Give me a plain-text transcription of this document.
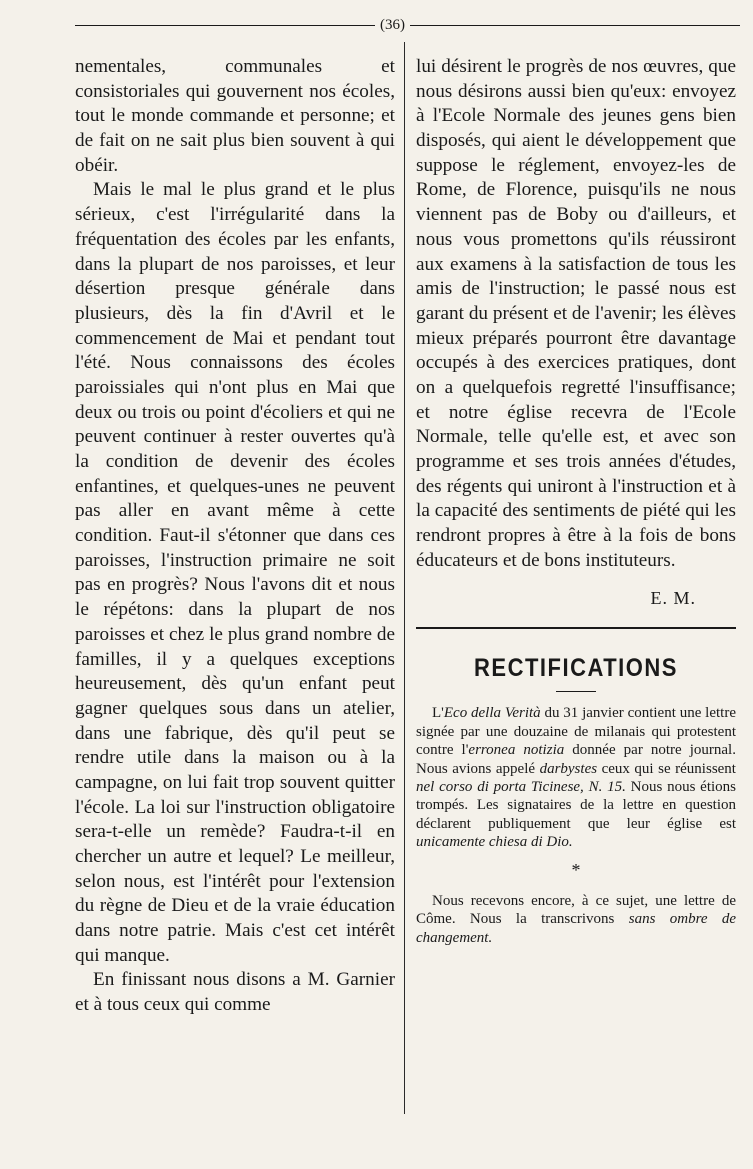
(36)

nementales, communales et consistoriales qui gouvernent nos écoles, tout le monde commande et personne; et de fait on ne sait plus bien souvent à qui obéir.

Mais le mal le plus grand et le plus sérieux, c'est l'irrégularité dans la fréquentation des écoles par les enfants, dans la plupart de nos paroisses, et leur désertion presque générale dans plusieurs, dès la fin d'Avril et le commencement de Mai et pendant tout l'été. Nous connaissons des écoles paroissiales qui n'ont plus en Mai que deux ou trois ou point d'écoliers et qui ne peuvent continuer à rester ouvertes qu'à la condition de devenir des écoles enfantines, et quelques-unes ne peuvent pas aller en avant même à cette condition. Faut-il s'étonner que dans ces paroisses, l'instruction primaire ne soit pas en progrès? Nous l'avons dit et nous le répétons: dans la plupart de nos paroisses et chez le plus grand nombre de familles, il y a quelques exceptions heureusement, dès qu'un enfant peut gagner quelques sous dans un atelier, dans une fabrique, dès qu'il peut se rendre utile dans la maison ou à la campagne, on lui fait trop souvent quitter l'école. La loi sur l'instruction obligatoire sera-t-elle un remède? Faudra-t-il en chercher un autre et lequel? Le meilleur, selon nous, est l'intérêt pour l'extension du règne de Dieu et de la vraie éducation dans notre patrie. Mais c'est cet intérêt qui manque.

En finissant nous disons a M. Garnier et à tous ceux qui comme

lui désirent le progrès de nos œuvres, que nous désirons aussi bien qu'eux: envoyez à l'Ecole Normale des jeunes gens bien disposés, qui aient le développement que suppose le réglement, envoyez-les de Rome, de Florence, puisqu'ils ne nous viennent pas de Boby ou d'ailleurs, et nous vous promettons qu'ils réussiront aux examens à la satisfaction de tous les amis de l'instruction; le passé nous est garant du présent et de l'avenir; les élèves mieux préparés pourront être davantage occupés à des exercices pratiques, dont on a quelquefois regretté l'insuffisance; et notre église recevra de l'Ecole Normale, telle qu'elle est, et avec son programme et ses trois années d'études, des régents qui uniront à l'instruction et à la capacité des sentiments de piété qui les rendront propres à être à la fois de bons éducateurs et de bons instituteurs.

E. M.

RECTIFICATIONS

L'Eco della Verità du 31 janvier contient une lettre signée par une douzaine de milanais qui protestent contre l'erronea notizia donnée par notre journal. Nous avions appelé darbystes ceux qui se réunissent nel corso di porta Ticinese, N. 15. Nous nous étions trompés. Les signataires de la lettre en question déclarent publiquement que leur église est unicamente chiesa di Dio.

*

Nous recevons encore, à ce sujet, une lettre de Côme. Nous la transcrivons sans ombre de changement.
